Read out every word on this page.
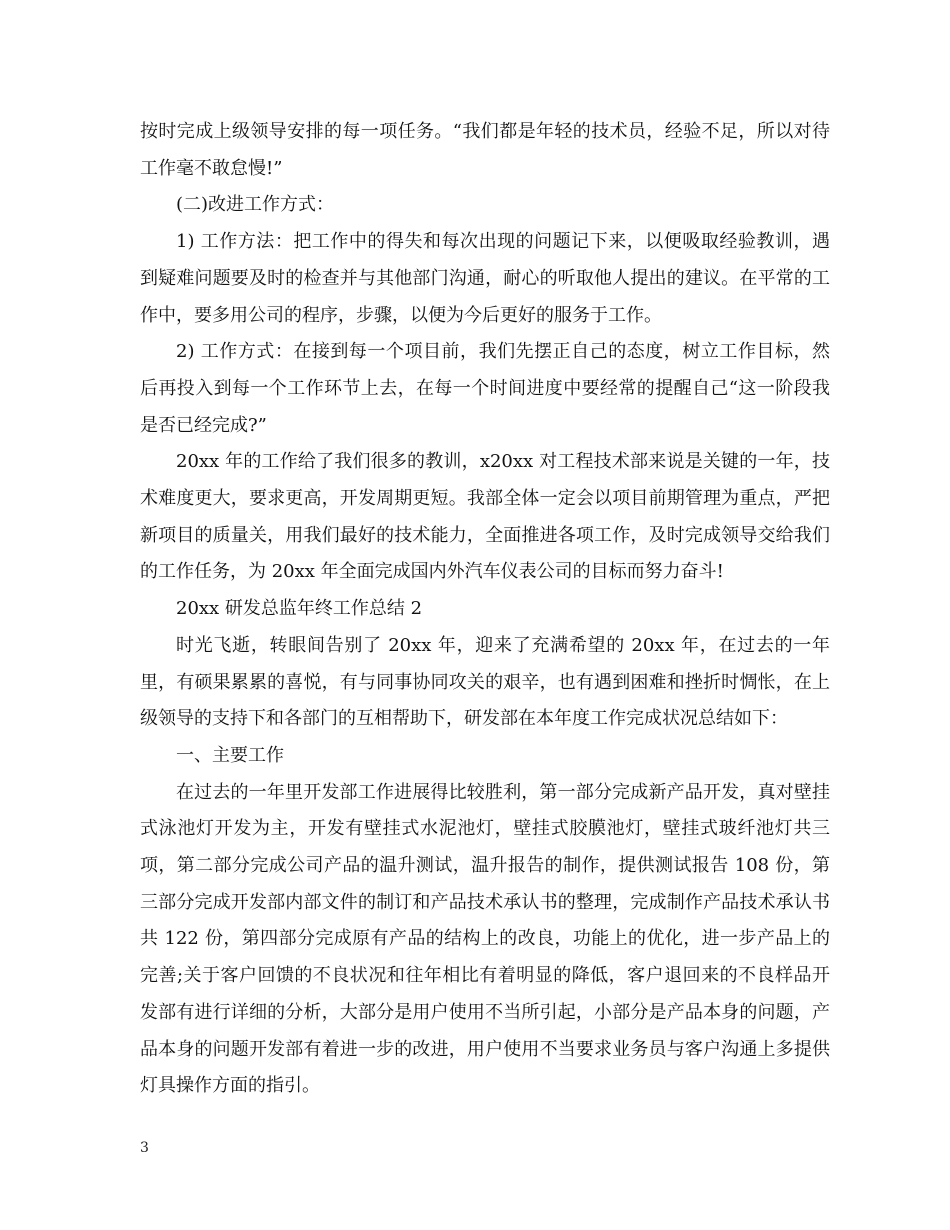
按时完成上级领导安排的每一项任务。“我们都是年轻的技术员，经验不足，所以对待工作毫不敢怠慢!”

(二)改进工作方式：

1) 工作方法：把工作中的得失和每次出现的问题记下来，以便吸取经验教训，遇到疑难问题要及时的检查并与其他部门沟通，耐心的听取他人提出的建议。在平常的工作中，要多用公司的程序，步骤，以便为今后更好的服务于工作。

2) 工作方式：在接到每一个项目前，我们先摆正自己的态度，树立工作目标，然后再投入到每一个工作环节上去，在每一个时间进度中要经常的提醒自己“这一阶段我是否已经完成?”

20xx 年的工作给了我们很多的教训，x20xx 对工程技术部来说是关键的一年，技术难度更大，要求更高，开发周期更短。我部全体一定会以项目前期管理为重点，严把新项目的质量关，用我们最好的技术能力，全面推进各项工作，及时完成领导交给我们的工作任务，为 20xx 年全面完成国内外汽车仪表公司的目标而努力奋斗!

20xx 研发总监年终工作总结 2

时光飞逝，转眼间告别了 20xx 年，迎来了充满希望的 20xx 年，在过去的一年里，有硕果累累的喜悦，有与同事协同攻关的艰辛，也有遇到困难和挫折时惆怅，在上级领导的支持下和各部门的互相帮助下，研发部在本年度工作完成状况总结如下：

一、主要工作

在过去的一年里开发部工作进展得比较胜利，第一部分完成新产品开发，真对壁挂式泳池灯开发为主，开发有壁挂式水泥池灯，壁挂式胶膜池灯，壁挂式玻纤池灯共三项，第二部分完成公司产品的温升测试，温升报告的制作，提供测试报告 108 份，第三部分完成开发部内部文件的制订和产品技术承认书的整理，完成制作产品技术承认书共 122 份，第四部分完成原有产品的结构上的改良，功能上的优化，进一步产品上的完善;关于客户回馈的不良状况和往年相比有着明显的降低，客户退回来的不良样品开发部有进行详细的分析，大部分是用户使用不当所引起，小部分是产品本身的问题，产品本身的问题开发部有着进一步的改进，用户使用不当要求业务员与客户沟通上多提供灯具操作方面的指引。

3
